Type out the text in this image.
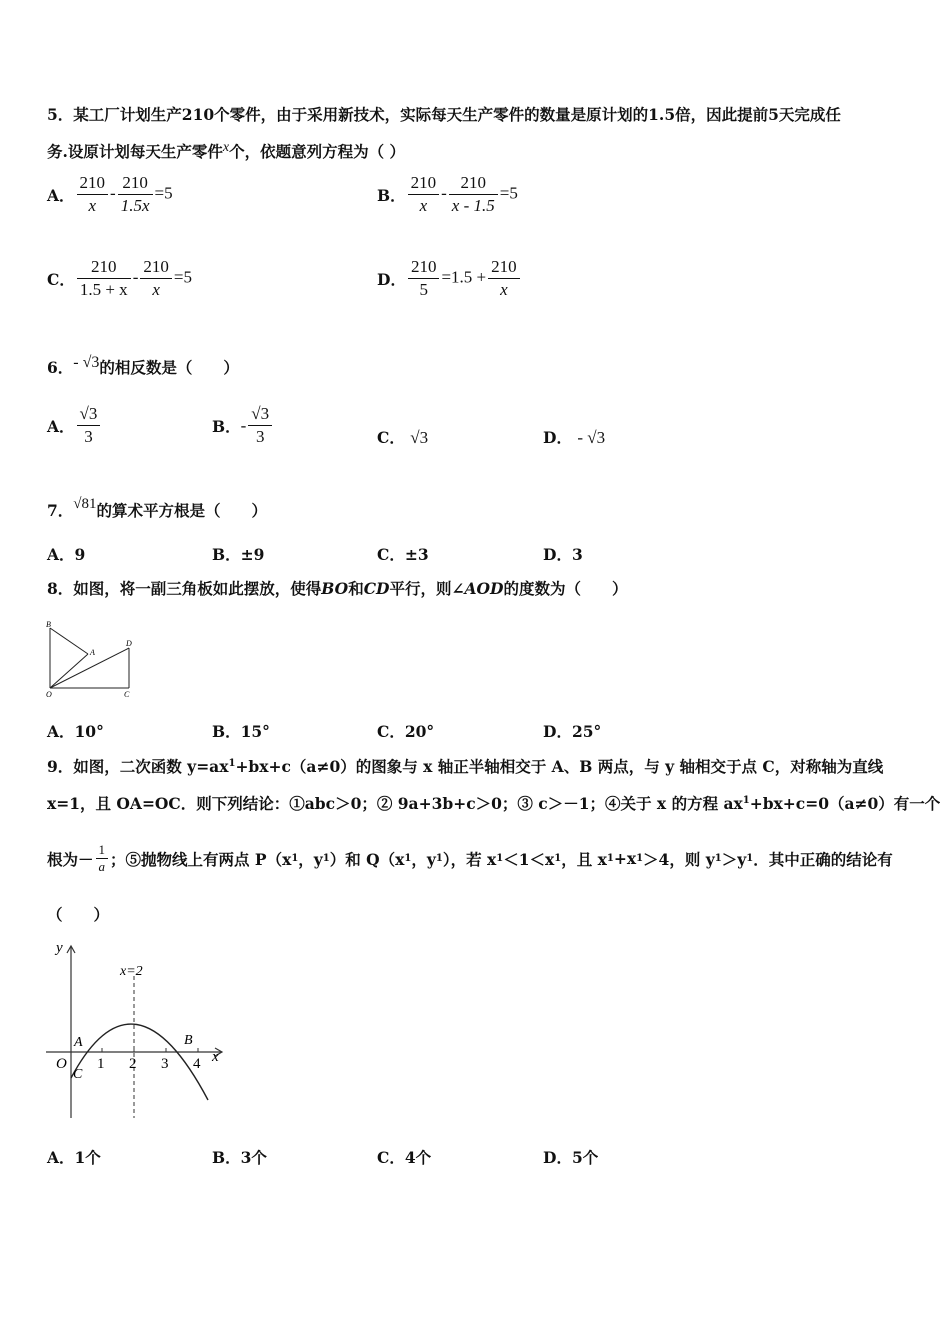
5．某工厂计划生产210个零件，由于采用新技术，实际每天生产零件的数量是原计划的1.5倍，因此提前5天完成任
务.设原计划每天生产零件x个，依题意列方程为（ ）
A． $\frac{210}{x} - \frac{210}{1.5x} =5$	B． $\frac{210}{x} - \frac{210}{x - 1.5} =5$
C． $\frac{210}{1.5 + x} - \frac{210}{x} =5$	D． $\frac{210}{5} =1.5 + \frac{210}{x}$
6．- √3的相反数是（　　）
A． $\frac{√3}{3}$	B． - $\frac{√3}{3}$	C． √3	D． - √3
7．√81的算术平方根是（　　）
A．9	B．±9	C．±3	D．3
8．如图，将一副三角板如此摆放，使得BO和CD平行，则∠AOD的度数为（　　）
B
A
D
O	C
A．10°	B．15°	C．20°	D．25°
9．如图，二次函数 $y=ax^1+bx+c(a\ne 0)$的图象与 x 轴正半轴相交于 A、B 两点，与 y 轴相交于点 C，对称轴为直线
x=1，且 OA=OC．则下列结论：①abc＞0；② 9a+3b+c＞0；③ c＞－1；④关于 x 的方程 $ax^1+bx+c=0(a\ne 0)$有一个
根为－ $\frac{1}{a}$ ；⑤抛物线上有两点 P（x 1 ，y 1 ）和 Q（x 1 ，y 1 ），若 x 1 ＜1＜x 1 ，且 x 1 +x 1 ＞4，则 y 1 ＞y 1 ．其中正确的结论有
（　　）
y
x
x=2
O
A	B
C
1 2 3 4
A．1个	B．3个	C．4个	D．5个
